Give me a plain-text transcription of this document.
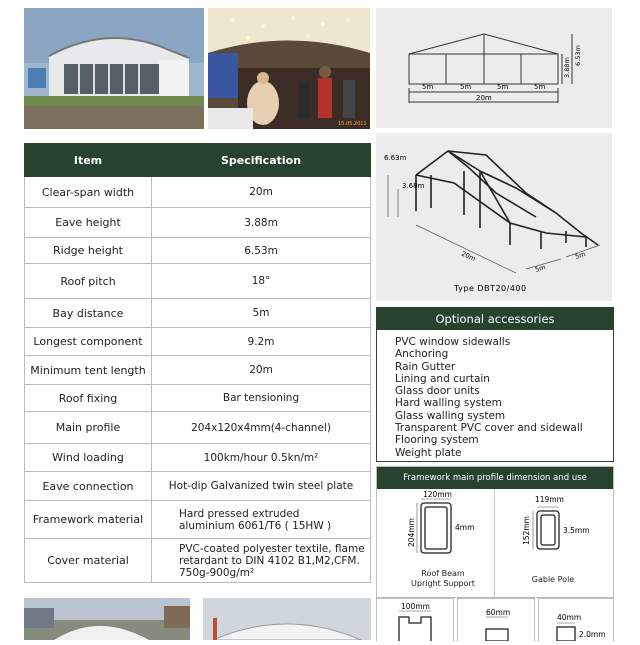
15.05.2011
5m	5m	5m	5m
20m
3.88m
6.53m
Item	Specification
Clear-span width	20m
Eave height	3.88m
Ridge height	6.53m
Roof pitch	18°
Bay distance	5m
Longest component	9.2m
Minimum tent length	20m
Roof fixing	Bar tensioning
Main profile	204x120x4mm(4-channel)
Wind loading	100km/hour 0.5kn/m²
Eave connection	Hot-dip Galvanized twin steel plate
Framework material	Hard pressed extruded
aluminium 6061/T6 ( 15HW )

Cover material	PVC-coated polyester textile, flame
retardant to DIN 4102 B1,M2,CFM.
750g-900g/m²
6.63m
3.68m
20m
5m
5m
Type DBT20/400
Optional accessories
PVC window sidewalls
Anchoring
Rain Gutter
Lining and curtain
Glass door units
Hard walling system
Glass walling system
Transparent PVC cover and sidewall
Flooring system
Weight plate
Framework main profile dimension and use
120mm
204mm	4mm
119mm
152mm	3.5mm
Roof Beam
Upright Support	Gable Pole
100mm
60mm
40mm
2.0mm
